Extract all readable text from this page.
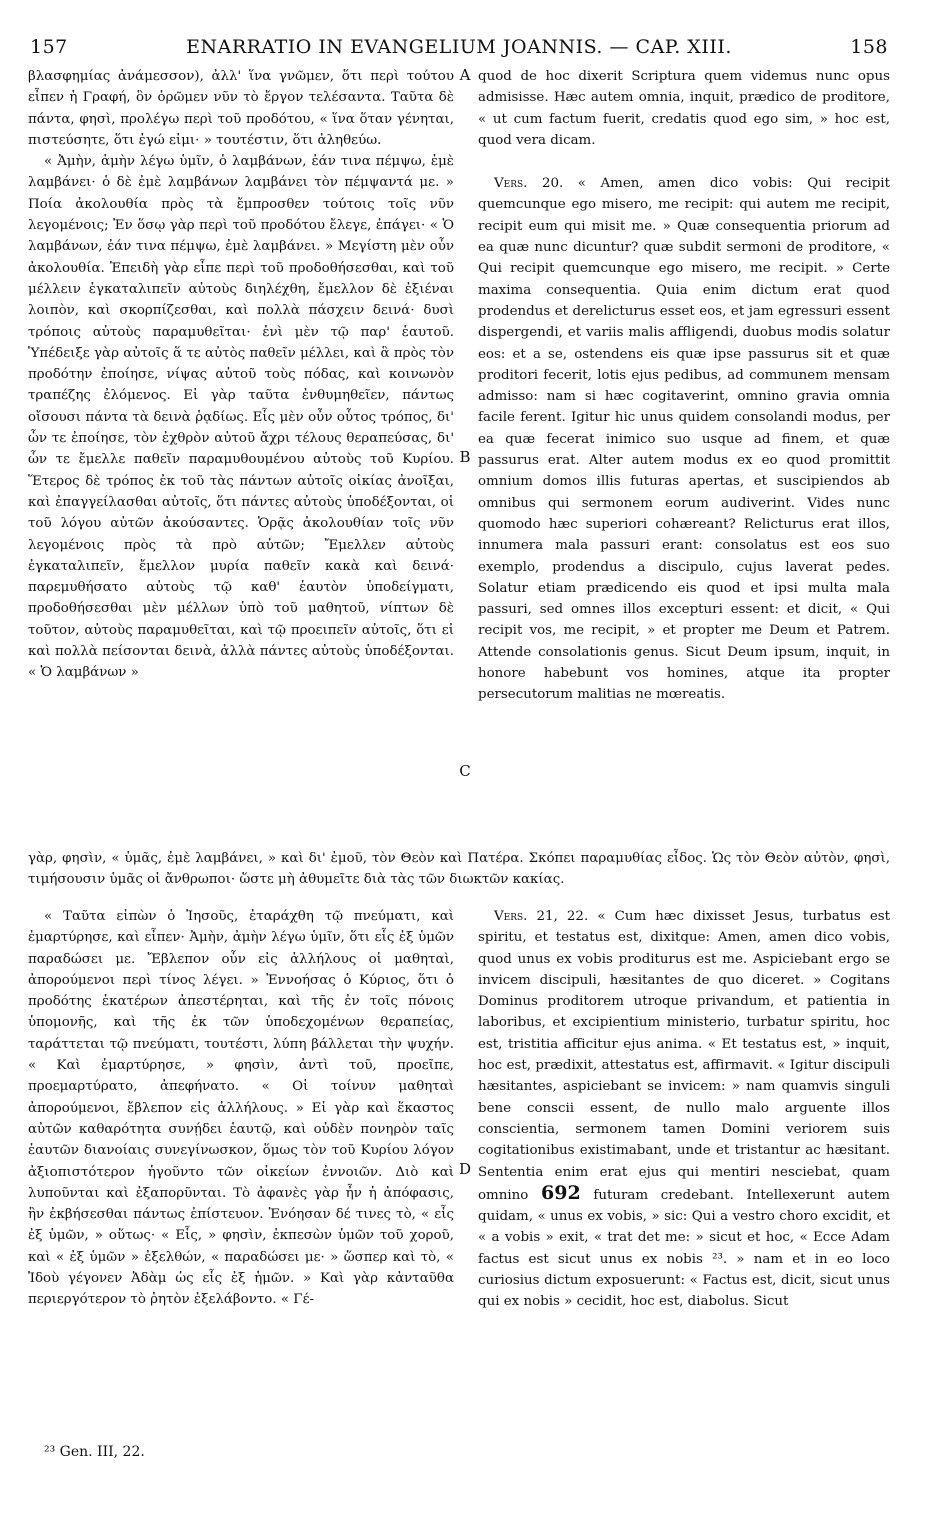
157	ENARRATIO IN EVANGELIUM JOANNIS. — CAP. XIII.	158
A
B
C
D

βλασφημίας ἀνάμεσσον), ἀλλ' ἵνα γνῶμεν, ὅτι περὶ τούτου εἶπεν ἡ Γραφή, ὃν ὁρῶμεν νῦν τὸ ἔργον τελέσαντα. Ταῦτα δὲ πάντα, φησὶ, προλέγω περὶ τοῦ προδότου, « ἵνα ὅταν γένηται, πιστεύσητε, ὅτι ἐγώ εἰμι· » τουτέστιν, ὅτι ἀληθεύω.

« Ἀμὴν, ἀμὴν λέγω ὑμῖν, ὁ λαμβάνων, ἐάν τινα πέμψω, ἐμὲ λαμβάνει· ὁ δὲ ἐμὲ λαμβάνων λαμβάνει τὸν πέμψαντά με. » Ποία ἀκολουθία πρὸς τὰ ἔμπροσθεν τούτοις τοῖς νῦν λεγομένοις; Ἐν ὅσῳ γὰρ περὶ τοῦ προδότου ἔλεγε, ἐπάγει· « Ὁ λαμβάνων, ἐάν τινα πέμψω, ἐμὲ λαμβάνει. » Μεγίστη μὲν οὖν ἀκολουθία. Ἐπειδὴ γὰρ εἶπε περὶ τοῦ προδοθήσεσθαι, καὶ τοῦ μέλλειν ἐγκαταλιπεῖν αὐτοὺς διηλέχθη, ἔμελλον δὲ ἐξιέναι λοιπὸν, καὶ σκορπίζεσθαι, καὶ πολλὰ πάσχειν δεινά· δυσὶ τρόποις αὐτοὺς παραμυθεῖται· ἑνὶ μὲν τῷ παρ' ἑαυτοῦ. Ὑπέδειξε γὰρ αὐτοῖς ἅ τε αὐτὸς παθεῖν μέλλει, καὶ ἃ πρὸς τὸν προδότην ἐποίησε, νίψας αὐτοῦ τοὺς πόδας, καὶ κοινωνὸν τραπέζης ἐλόμενος. Εἰ γὰρ ταῦτα ἐνθυμηθεῖεν, πάντως οἴσουσι πάντα τὰ δεινὰ ῥᾳδίως. Εἷς μὲν οὖν οὗτος τρόπος, δι' ὧν τε ἐποίησε, τὸν ἐχθρὸν αὐτοῦ ἄχρι τέλους θεραπεύσας, δι' ὧν τε ἔμελλε παθεῖν παραμυθουμένου αὐτοὺς τοῦ Κυρίου. Ἕτερος δὲ τρόπος ἐκ τοῦ τὰς πάντων αὐτοῖς οἰκίας ἀνοῖξαι, καὶ ἐπαγγείλασθαι αὐτοῖς, ὅτι πάντες αὐτοὺς ὑποδέξονται, οἱ τοῦ λόγου αὐτῶν ἀκούσαντες. Ὁρᾷς ἀκολουθίαν τοῖς νῦν λεγομένοις πρὸς τὰ πρὸ αὐτῶν; Ἔμελλεν αὐτοὺς ἐγκαταλιπεῖν, ἔμελλον μυρία παθεῖν κακὰ καὶ δεινά· παρεμυθήσατο αὐτοὺς τῷ καθ' ἑαυτὸν ὑποδείγματι, προδοθήσεσθαι μὲν μέλλων ὑπὸ τοῦ μαθητοῦ, νίπτων δὲ τοῦτον, αὐτοὺς παραμυθεῖται, καὶ τῷ προειπεῖν αὐτοῖς, ὅτι εἰ καὶ πολλὰ πείσονται δεινὰ, ἀλλὰ πάντες αὐτοὺς ὑποδέξονται. « Ὁ λαμβάνων »

quod de hoc dixerit Scriptura quem videmus nunc opus admisisse. Hæc autem omnia, inquit, prædico de proditore, « ut cum factum fuerit, credatis quod ego sim, » hoc est, quod vera dicam.

Vers. 20. « Amen, amen dico vobis: Qui recipit quemcunque ego misero, me recipit: qui autem me recipit, recipit eum qui misit me. » Quæ consequentia priorum ad ea quæ nunc dicuntur? quæ subdit sermoni de proditore, « Qui recipit quemcunque ego misero, me recipit. » Certe maxima consequentia. Quia enim dictum erat quod prodendus et derelicturus esset eos, et jam egressuri essent dispergendi, et variis malis affligendi, duobus modis solatur eos: et a se, ostendens eis quæ ipse passurus sit et quæ proditori fecerit, lotis ejus pedibus, ad communem mensam admisso: nam si hæc cogitaverint, omnino gravia omnia facile ferent. Igitur hic unus quidem consolandi modus, per ea quæ fecerat inimico suo usque ad finem, et quæ passurus erat. Alter autem modus ex eo quod promittit omnium domos illis futuras apertas, et suscipiendos ab omnibus qui sermonem eorum audiverint. Vides nunc quomodo hæc superiori cohæreant? Relicturus erat illos, innumera mala passuri erant: consolatus est eos suo exemplo, prodendus a discipulo, cujus laverat pedes. Solatur etiam prædicendo eis quod et ipsi multa mala passuri, sed omnes illos excepturi essent: et dicit, « Qui recipit vos, me recipit, » et propter me Deum et Patrem. Attende consolationis genus. Sicut Deum ipsum, inquit, in honore habebunt vos homines, atque ita propter persecutorum malitias ne mœreatis.

γὰρ, φησὶν, « ὑμᾶς, ἐμὲ λαμβάνει, » καὶ δι' ἐμοῦ, τὸν Θεὸν καὶ Πατέρα. Σκόπει παραμυθίας εἶδος. Ὡς τὸν Θεὸν αὐτὸν, φησὶ, τιμήσουσιν ὑμᾶς οἱ ἄνθρωποι· ὥστε μὴ ἀθυμεῖτε διὰ τὰς τῶν διωκτῶν κακίας.

« Ταῦτα εἰπὼν ὁ Ἰησοῦς, ἐταράχθη τῷ πνεύματι, καὶ ἐμαρτύρησε, καὶ εἶπεν· Ἀμὴν, ἀμὴν λέγω ὑμῖν, ὅτι εἷς ἐξ ὑμῶν παραδώσει με. Ἔβλεπον οὖν εἰς ἀλλήλους οἱ μαθηταὶ, ἀπορούμενοι περὶ τίνος λέγει. » Ἐννοήσας ὁ Κύριος, ὅτι ὁ προδότης ἑκατέρων ἀπεστέρηται, καὶ τῆς ἐν τοῖς πόνοις ὑπομονῆς, καὶ τῆς ἐκ τῶν ὑποδεχομένων θεραπείας, ταράττεται τῷ πνεύματι, τουτέστι, λύπη βάλλεται τὴν ψυχήν. « Καὶ ἐμαρτύρησε, » φησὶν, ἀντὶ τοῦ, προεῖπε, προεμαρτύρατο, ἀπεφήνατο. « Οἱ τοίνυν μαθηταὶ ἀπορούμενοι, ἔβλεπον εἰς ἀλλήλους. » Εἰ γὰρ καὶ ἕκαστος αὐτῶν καθαρότητα συνῄδει ἑαυτῷ, καὶ οὐδὲν πονηρὸν ταῖς ἑαυτῶν διανοίαις συνεγίνωσκον, ὅμως τὸν τοῦ Κυρίου λόγον ἀξιοπιστότερον ἡγοῦντο τῶν οἰκείων ἐννοιῶν. Διὸ καὶ λυποῦνται καὶ ἐξαπορῦνται. Τὸ ἀφανὲς γὰρ ἦν ἡ ἀπόφασις, ἣν ἐκβήσεσθαι πάντως ἐπίστευον. Ἐνόησαν δέ τινες τὸ, « εἷς ἐξ ὑμῶν, » οὕτως· « Εἷς, » φησὶν, ἐκπεσὼν ὑμῶν τοῦ χοροῦ, καὶ « ἐξ ὑμῶν » ἐξελθών, « παραδώσει με· » ὥσπερ καὶ τὸ, « Ἰδοὺ γέγονεν Ἀδὰμ ὡς εἷς ἐξ ἡμῶν. » Καὶ γὰρ κἀνταῦθα περιεργότερον τὸ ῥητὸν ἐξελάβοντο. « Γέ-

Vers. 21, 22. « Cum hæc dixisset Jesus, turbatus est spiritu, et testatus est, dixitque: Amen, amen dico vobis, quod unus ex vobis proditurus est me. Aspiciebant ergo se invicem discipuli, hæsitantes de quo diceret. » Cogitans Dominus proditorem utroque privandum, et patientia in laboribus, et excipientium ministerio, turbatur spiritu, hoc est, tristitia afficitur ejus anima. « Et testatus est, » inquit, hoc est, prædixit, attestatus est, affirmavit. « Igitur discipuli hæsitantes, aspiciebant se invicem: » nam quamvis singuli bene conscii essent, de nullo malo arguente illos conscientia, sermonem tamen Domini veriorem suis cogitationibus existimabant, unde et tristantur ac hæsitant. Sententia enim erat ejus qui mentiri nesciebat, quam omnino 692 futuram credebant. Intellexerunt autem quidam, « unus ex vobis, » sic: Qui a vestro choro excidit, et « a vobis » exit, « trat det me: » sicut et hoc, « Ecce Adam factus est sicut unus ex nobis ²³. » nam et in eo loco curiosius dictum exposuerunt: « Factus est, dicit, sicut unus qui ex nobis » cecidit, hoc est, diabolus. Sicut

²³ Gen. III, 22.
